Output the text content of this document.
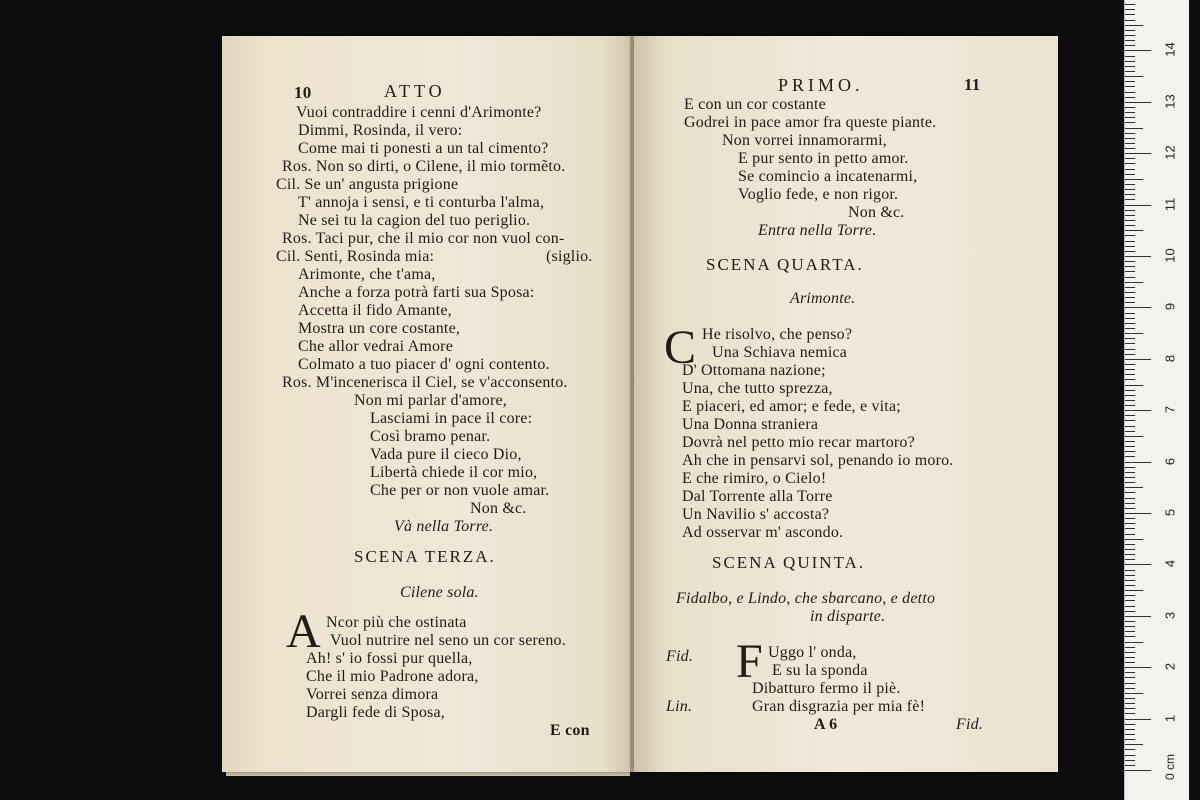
10	ATTO
Vuoi contraddire i cenni d'Arimonte?
Dimmi, Rosinda, il vero:
Come mai ti ponesti a un tal cimento?
Ros. Non so dirti, o Cilene, il mio tormẽto.
Cil. Se un' angusta prigione
T' annoja i sensi, e ti conturba l'alma,
Ne sei tu la cagion del tuo periglio.
Ros. Taci pur, che il mio cor non vuol con-
Cil. Senti, Rosinda mia:	(siglio.
Arimonte, che t'ama,
Anche a forza potrà farti sua Sposa:
Accetta il fido Amante,
Mostra un core costante,
Che allor vedrai Amore
Colmato a tuo piacer d' ogni contento.
Ros. M'incenerisca il Ciel, se v'acconsento.
Non mi parlar d'amore,
Lasciami in pace il core:
Così bramo penar.
Vada pure il cieco Dio,
Libertà chiede il cor mio,
Che per or non vuole amar.
Non &c.
Và nella Torre.
SCENA TERZA.
Cilene sola.
A Ncor più che ostinata
Vuol nutrire nel seno un cor sereno.
Ah! s' io fossi pur quella,
Che il mio Padrone adora,
Vorrei senza dimora
Dargli fede di Sposa,
E con
PRIMO.	11
E con un cor costante
Godrei in pace amor fra queste piante.
Non vorrei innamorarmi,
E pur sento in petto amor.
Se comincio a incatenarmi,
Voglio fede, e non rigor.
Non &c.
Entra nella Torre.
SCENA QUARTA.
Arimonte.
C He risolvo, che penso?
Una Schiava nemica
D' Ottomana nazione;
Una, che tutto sprezza,
E piaceri, ed amor; e fede, e vita;
Una Donna straniera
Dovrà nel petto mio recar martoro?
Ah che in pensarvi sol, penando io moro.
E che rimiro, o Cielo!
Dal Torrente alla Torre
Un Navilio s' accosta?
Ad osservar m' ascondo.
SCENA QUINTA.
Fidalbo, e Lindo, che sbarcano, e detto
in disparte.
Fid. F Uggo l' onda,
E su la sponda
Dibatturo fermo il piè.
Lin.	Gran disgrazia per mia fè!
A 6	Fid.
0 cm
1
2
3
4
5
6
7
8
9
10
11
12
13
14
